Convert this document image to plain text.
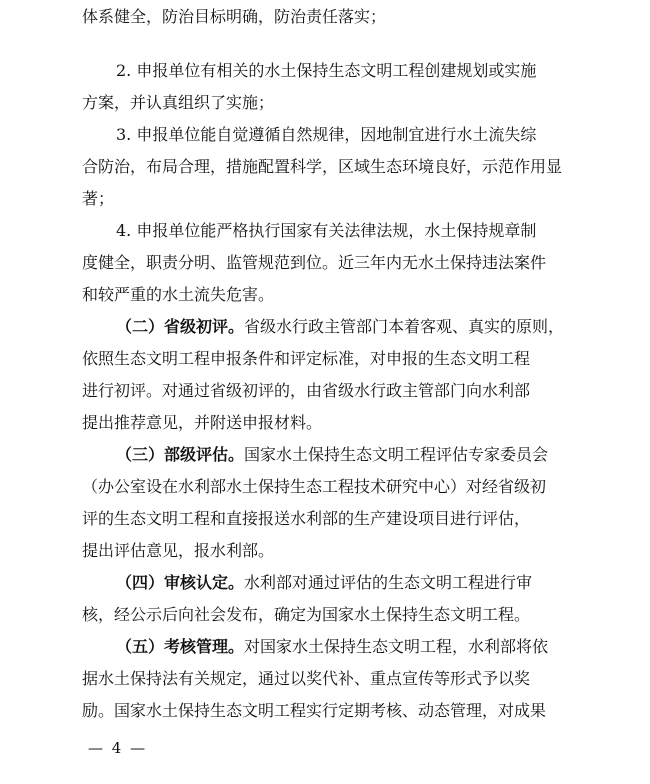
体系健全，防治目标明确，防治责任落实；
2. 申报单位有相关的水土保持生态文明工程创建规划或实施
方案，并认真组织了实施；
3. 申报单位能自觉遵循自然规律，因地制宜进行水土流失综
合防治，布局合理，措施配置科学，区域生态环境良好，示范作用显
著；
4. 申报单位能严格执行国家有关法律法规，水土保持规章制
度健全，职责分明、监管规范到位。近三年内无水土保持违法案件
和较严重的水土流失危害。
（二）省级初评。省级水行政主管部门本着客观、真实的原则，
依照生态文明工程申报条件和评定标准，对申报的生态文明工程
进行初评。对通过省级初评的，由省级水行政主管部门向水利部
提出推荐意见，并附送申报材料。
（三）部级评估。国家水土保持生态文明工程评估专家委员会
（办公室设在水利部水土保持生态工程技术研究中心）对经省级初
评的生态文明工程和直接报送水利部的生产建设项目进行评估，
提出评估意见，报水利部。
（四）审核认定。水利部对通过评估的生态文明工程进行审
核，经公示后向社会发布，确定为国家水土保持生态文明工程。
（五）考核管理。对国家水土保持生态文明工程，水利部将依
据水土保持法有关规定，通过以奖代补、重点宣传等形式予以奖
励。国家水土保持生态文明工程实行定期考核、动态管理，对成果
— 4 —
